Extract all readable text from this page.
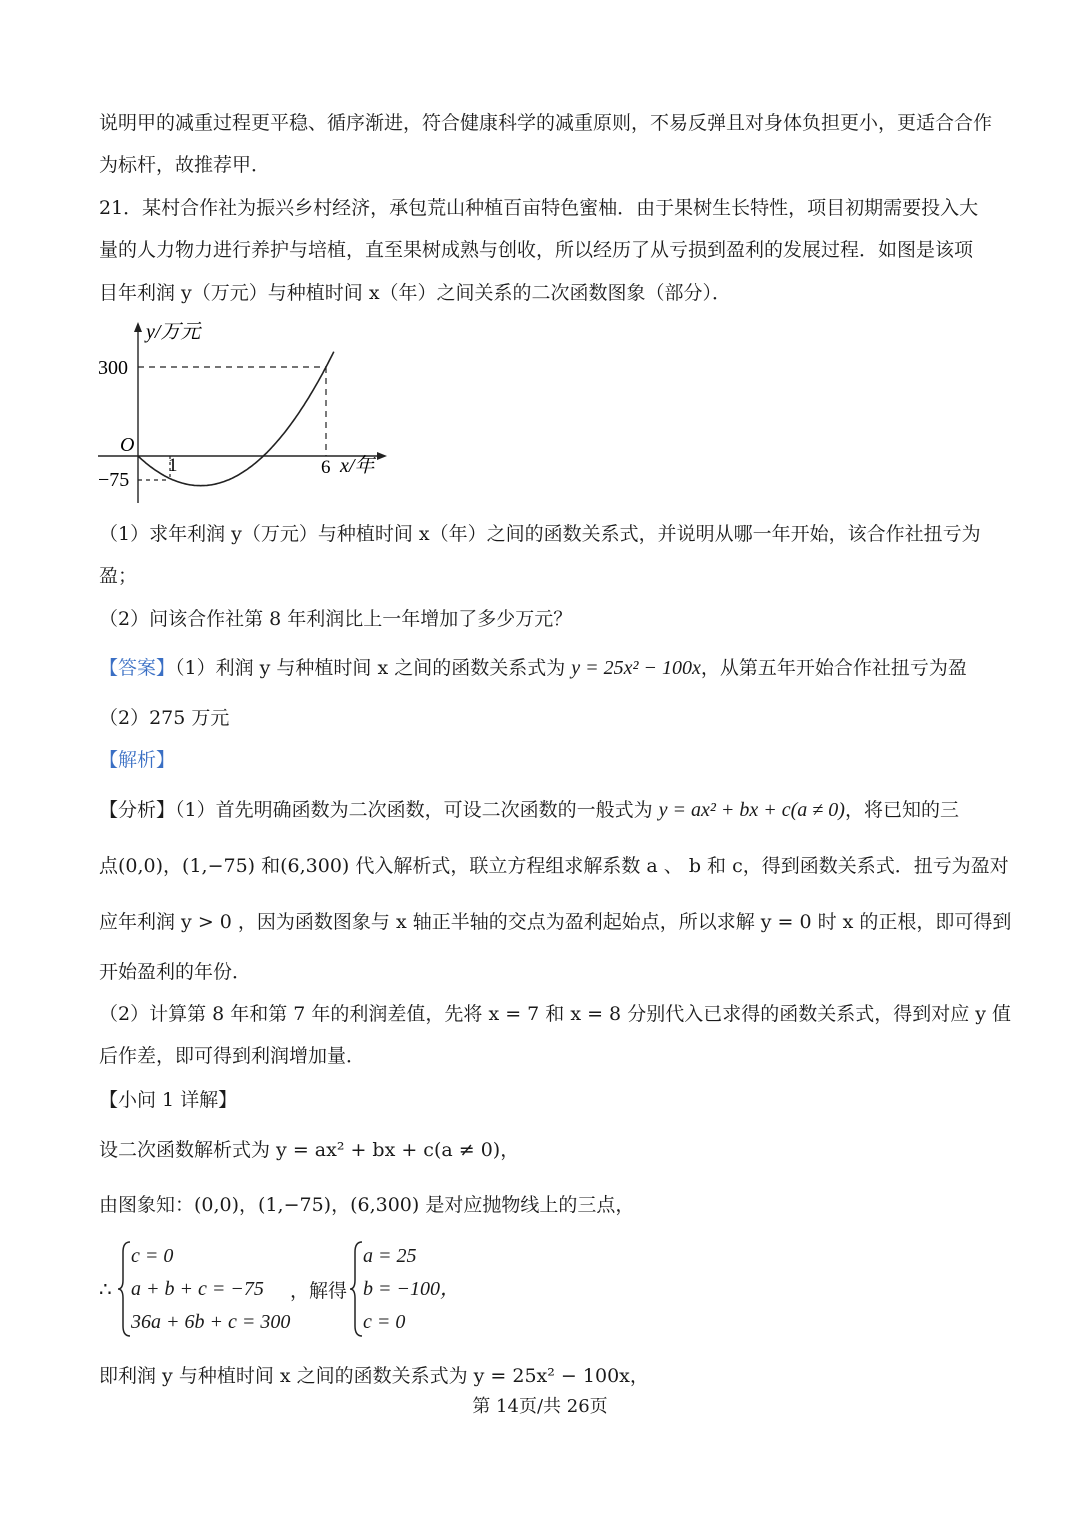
说明甲的减重过程更平稳、循序渐进，符合健康科学的减重原则，不易反弹且对身体负担更小，更适合合作
为标杆，故推荐甲．
21．某村合作社为振兴乡村经济，承包荒山种植百亩特色蜜柚．由于果树生长特性，项目初期需要投入大
量的人力物力进行养护与培植，直至果树成熟与创收，所以经历了从亏损到盈利的发展过程．如图是该项
目年利润 y（万元）与种植时间 x（年）之间关系的二次函数图象（部分）．
y/万元
x/年
O
300
−75
1	6
（1）求年利润 y（万元）与种植时间 x（年）之间的函数关系式，并说明从哪一年开始，该合作社扭亏为
盈；
（2）问该合作社第 8 年利润比上一年增加了多少万元？
【答案】（1）利润 y 与种植时间 x 之间的函数关系式为 y = 25x² − 100x，从第五年开始合作社扭亏为盈
（2）275 万元
【解析】
【分析】（1）首先明确函数为二次函数，可设二次函数的一般式为 y = ax² + bx + c(a ≠ 0)，将已知的三
点(0,0)，(1,−75) 和(6,300) 代入解析式，联立方程组求解系数 a 、 b 和 c，得到函数关系式．扭亏为盈对
应年利润 y > 0 ，因为函数图象与 x 轴正半轴的交点为盈利起始点，所以求解 y = 0 时 x 的正根，即可得到
开始盈利的年份．
（2）计算第 8 年和第 7 年的利润差值，先将 x = 7 和 x = 8 分别代入已求得的函数关系式，得到对应 y 值
后作差，即可得到利润增加量．
【小问 1 详解】
设二次函数解析式为 y = ax² + bx + c(a ≠ 0)，
由图象知：(0,0)，(1,−75)，(6,300) 是对应抛物线上的三点，
∴
c = 0
a + b + c = −75
36a + 6b + c = 300
，解得
a = 25
b = −100，
c = 0
即利润 y 与种植时间 x 之间的函数关系式为 y = 25x² − 100x，
第 14页/共 26页
